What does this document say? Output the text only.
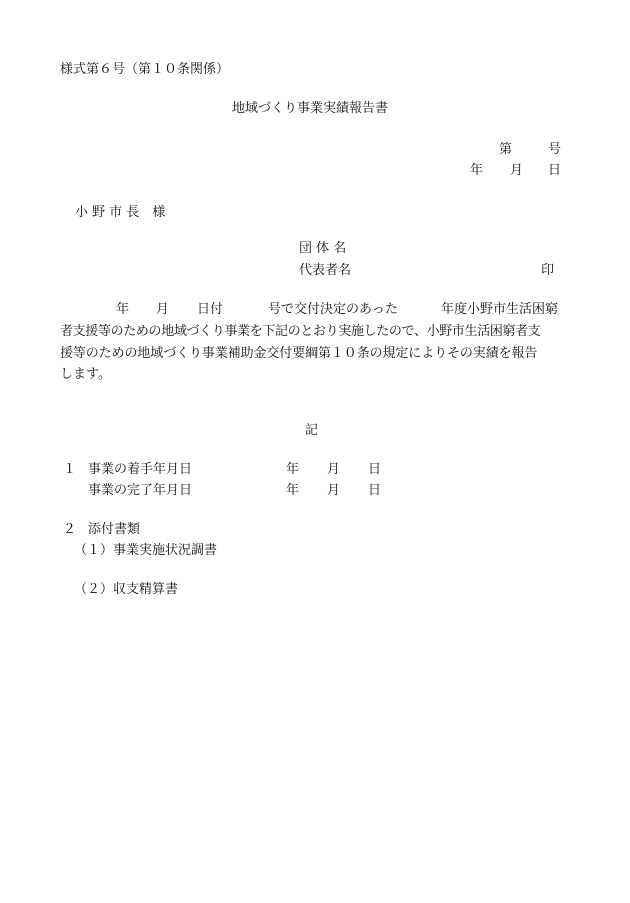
様式第６号（第１０条関係）
地域づくり事業実績報告書
第	号
年 月 日
小 野 市 長　様
団 体 名
代表者名	印
年 月 日付	号で交付決定のあった	年度小野市生活困窮
者支援等のための地域づくり事業を下記のとおり実施したので、小野市生活困窮者支
援等のための地域づくり事業補助金交付要綱第１０条の規定によりその実績を報告
します。
記
１ 事業の着手年月日	年 月 日
事業の完了年月日	年 月 日
２ 添付書類
（１）事業実施状況調書
（２）収支精算書
